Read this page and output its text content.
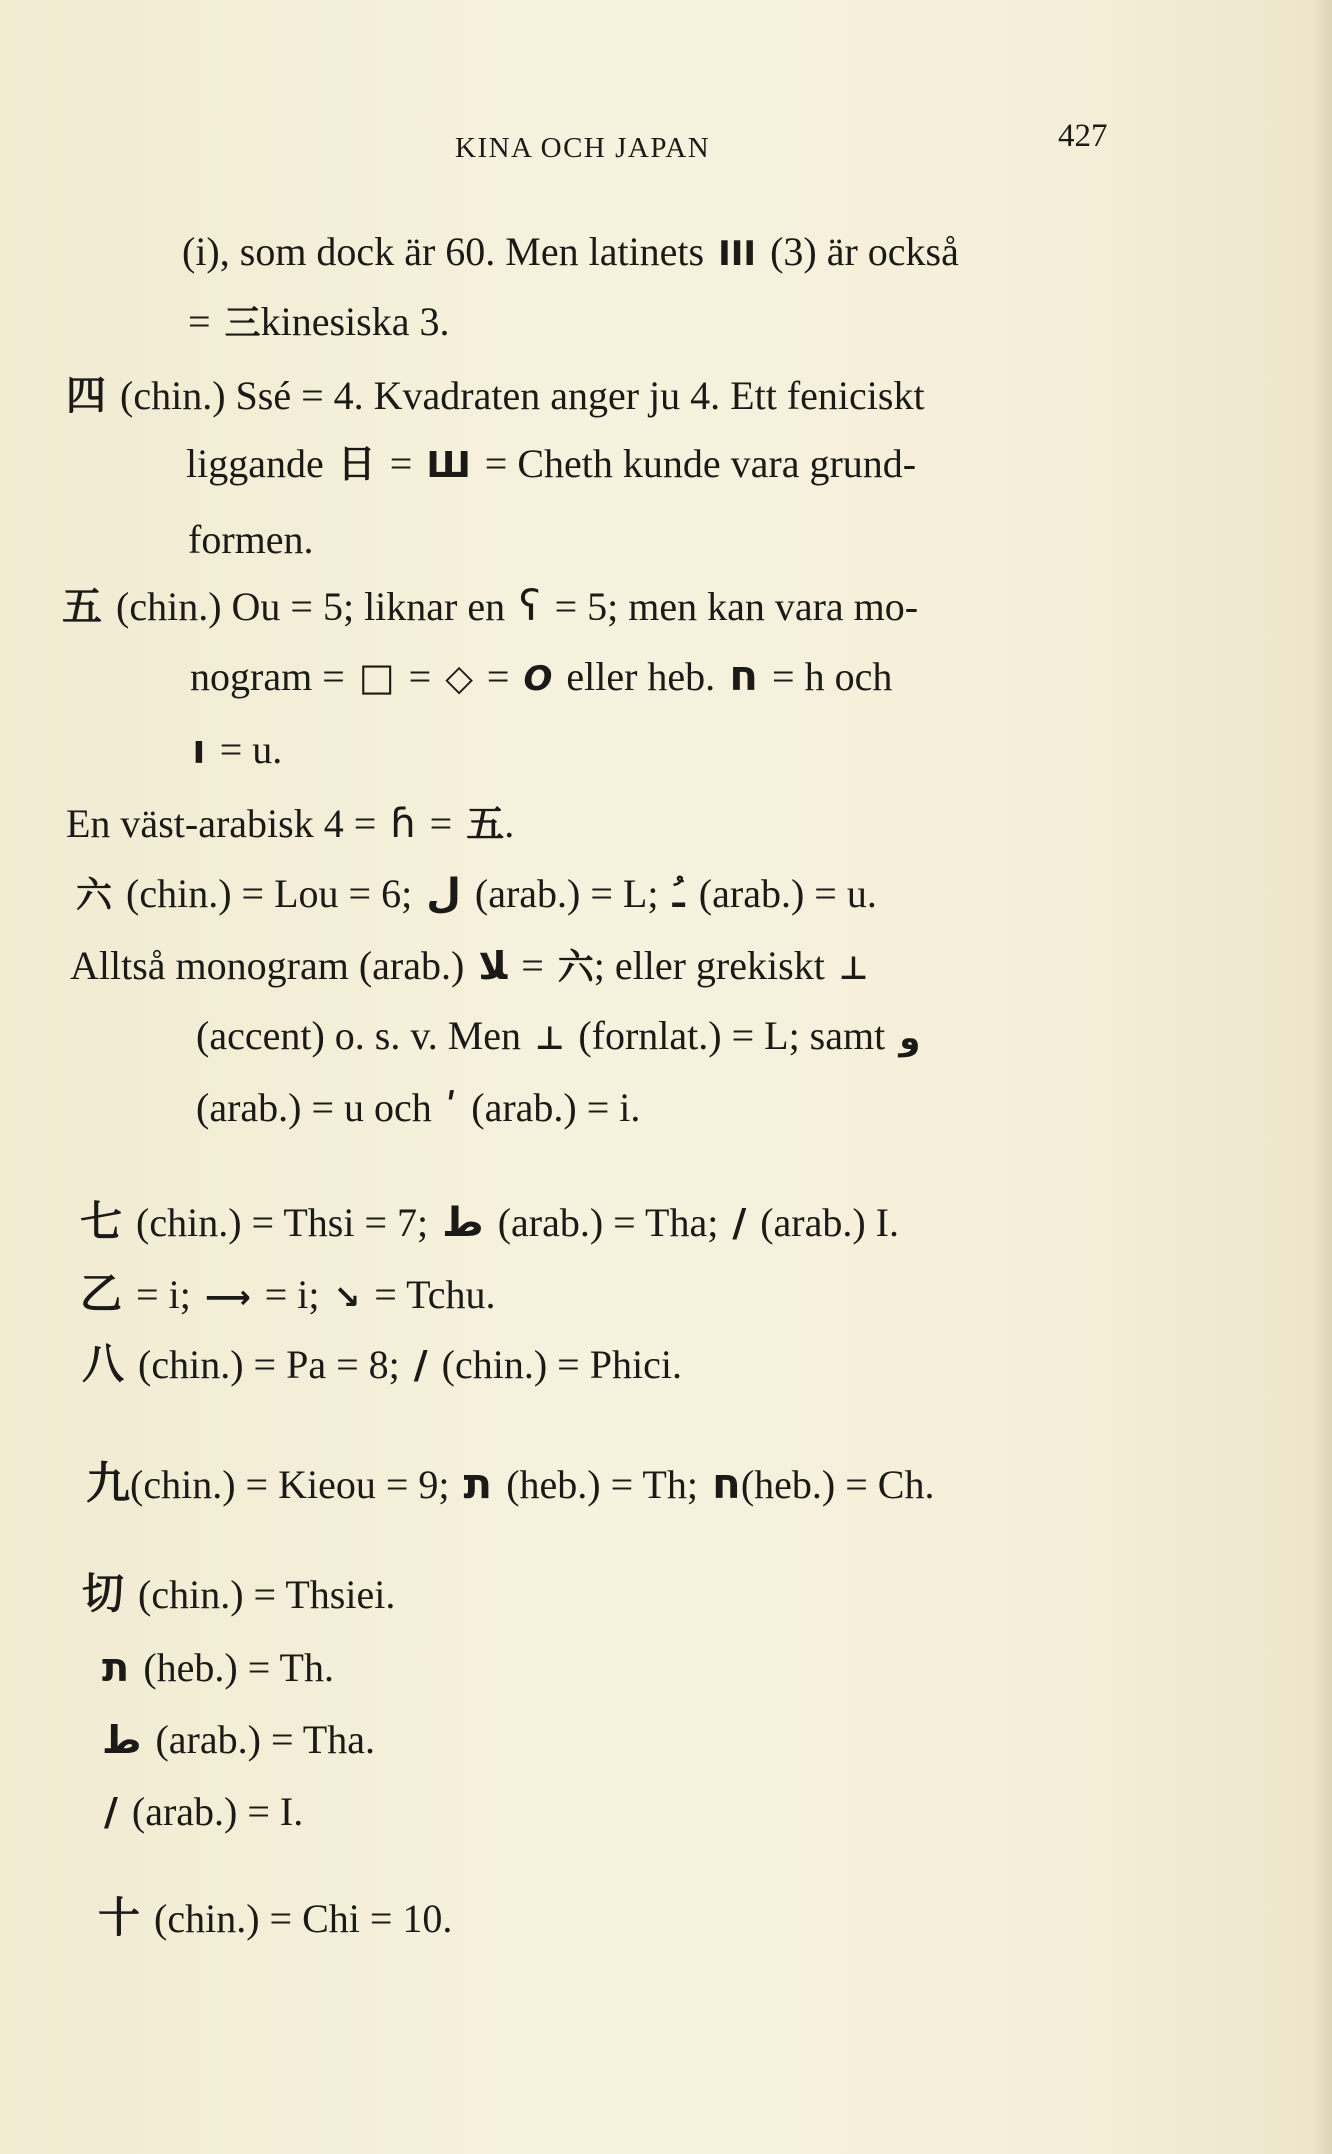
KINA OCH JAPAN	427
(i), som dock är 60. Men latinets III (3) är också
= 三kinesiska 3.
四 (chin.) Ssé = 4. Kvadraten anger ju 4. Ett feniciskt
liggande 日 = Ш = Cheth kunde vara grund-
formen.
五 (chin.) Ou = 5; liknar en ʕ = 5; men kan vara mo-
nogram = □ = ◇ = O eller heb. ח = h och
ו = u.
En väst-arabisk 4 = ɦ = 五.
六 (chin.) = Lou = 6; ل (arab.) = L; ـُ (arab.) = u.
Alltså monogram (arab.) ﻼ = 六; eller grekiskt ⊥
(accent) o. s. v. Men ⊥ (fornlat.) = L; samt و
(arab.) = u och ʹ (arab.) = i.
七 (chin.) = Thsi = 7; ط (arab.) = Tha; / (arab.) I.
乙 = i; ⟶ = i; ↘ = Tchu.
八 (chin.) = Pa = 8; / (chin.) = Phici.
九(chin.) = Kieou = 9; ת (heb.) = Th; ח(heb.) = Ch.
切 (chin.) = Thsiei.
ת (heb.) = Th.
ط (arab.) = Tha.
/ (arab.) = I.
十 (chin.) = Chi = 10.
